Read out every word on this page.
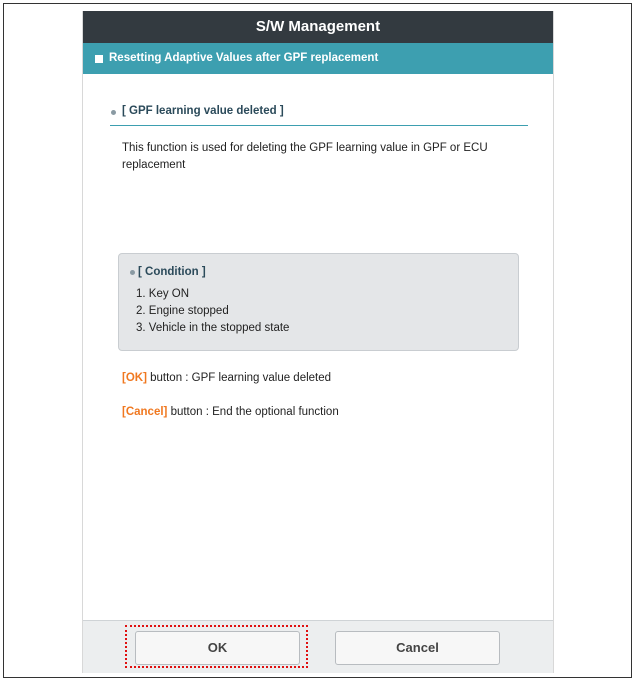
S/W Management
Resetting Adaptive Values after GPF replacement
[ GPF learning value deleted ]
This function is used for deleting the GPF learning value in GPF or ECU replacement
[ Condition ]
1. Key ON
2. Engine stopped
3. Vehicle in the stopped state
[OK] button : GPF learning value deleted
[Cancel] button : End the optional function
OK	Cancel
